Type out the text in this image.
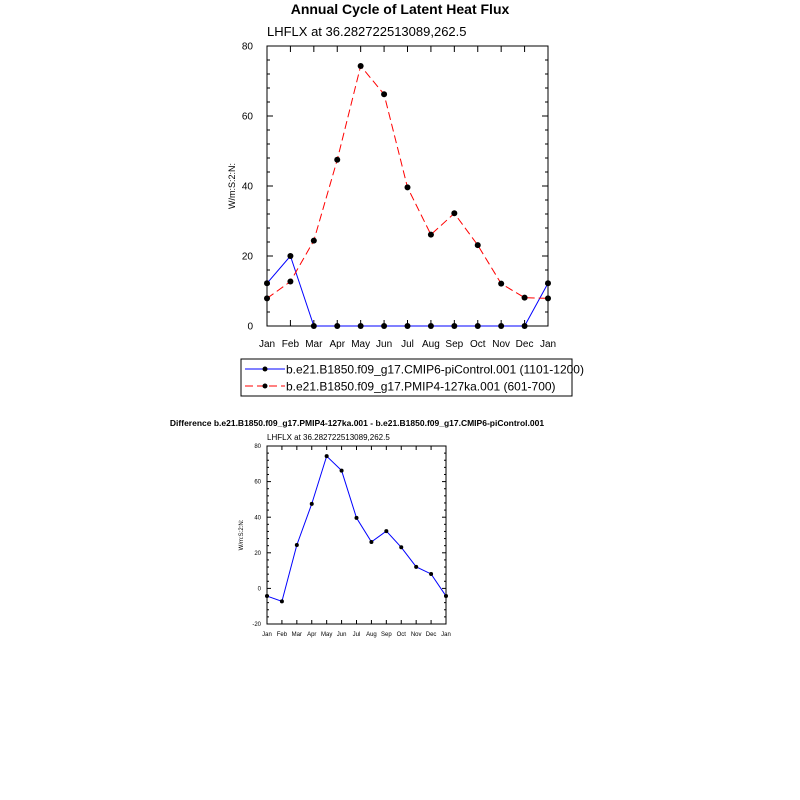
Annual Cycle of Latent Heat Flux
LHFLX at 36.282722513089,262.5
W/m:S:2:N:
Jan Feb Mar Apr May Jun Jul Aug Sep Oct Nov Dec Jan
0
20
40
60
80
b.e21.B1850.f09_g17.CMIP6-piControl.001 (1101-1200)
b.e21.B1850.f09_g17.PMIP4-127ka.001 (601-700)
Difference b.e21.B1850.f09_g17.PMIP4-127ka.001 - b.e21.B1850.f09_g17.CMIP6-piControl.001
LHFLX at 36.282722513089,262.5
W/m:S:2:N:
Jan Feb Mar Apr May Jun Jul Aug Sep Oct Nov Dec Jan
-20
0
20
40
60
80
